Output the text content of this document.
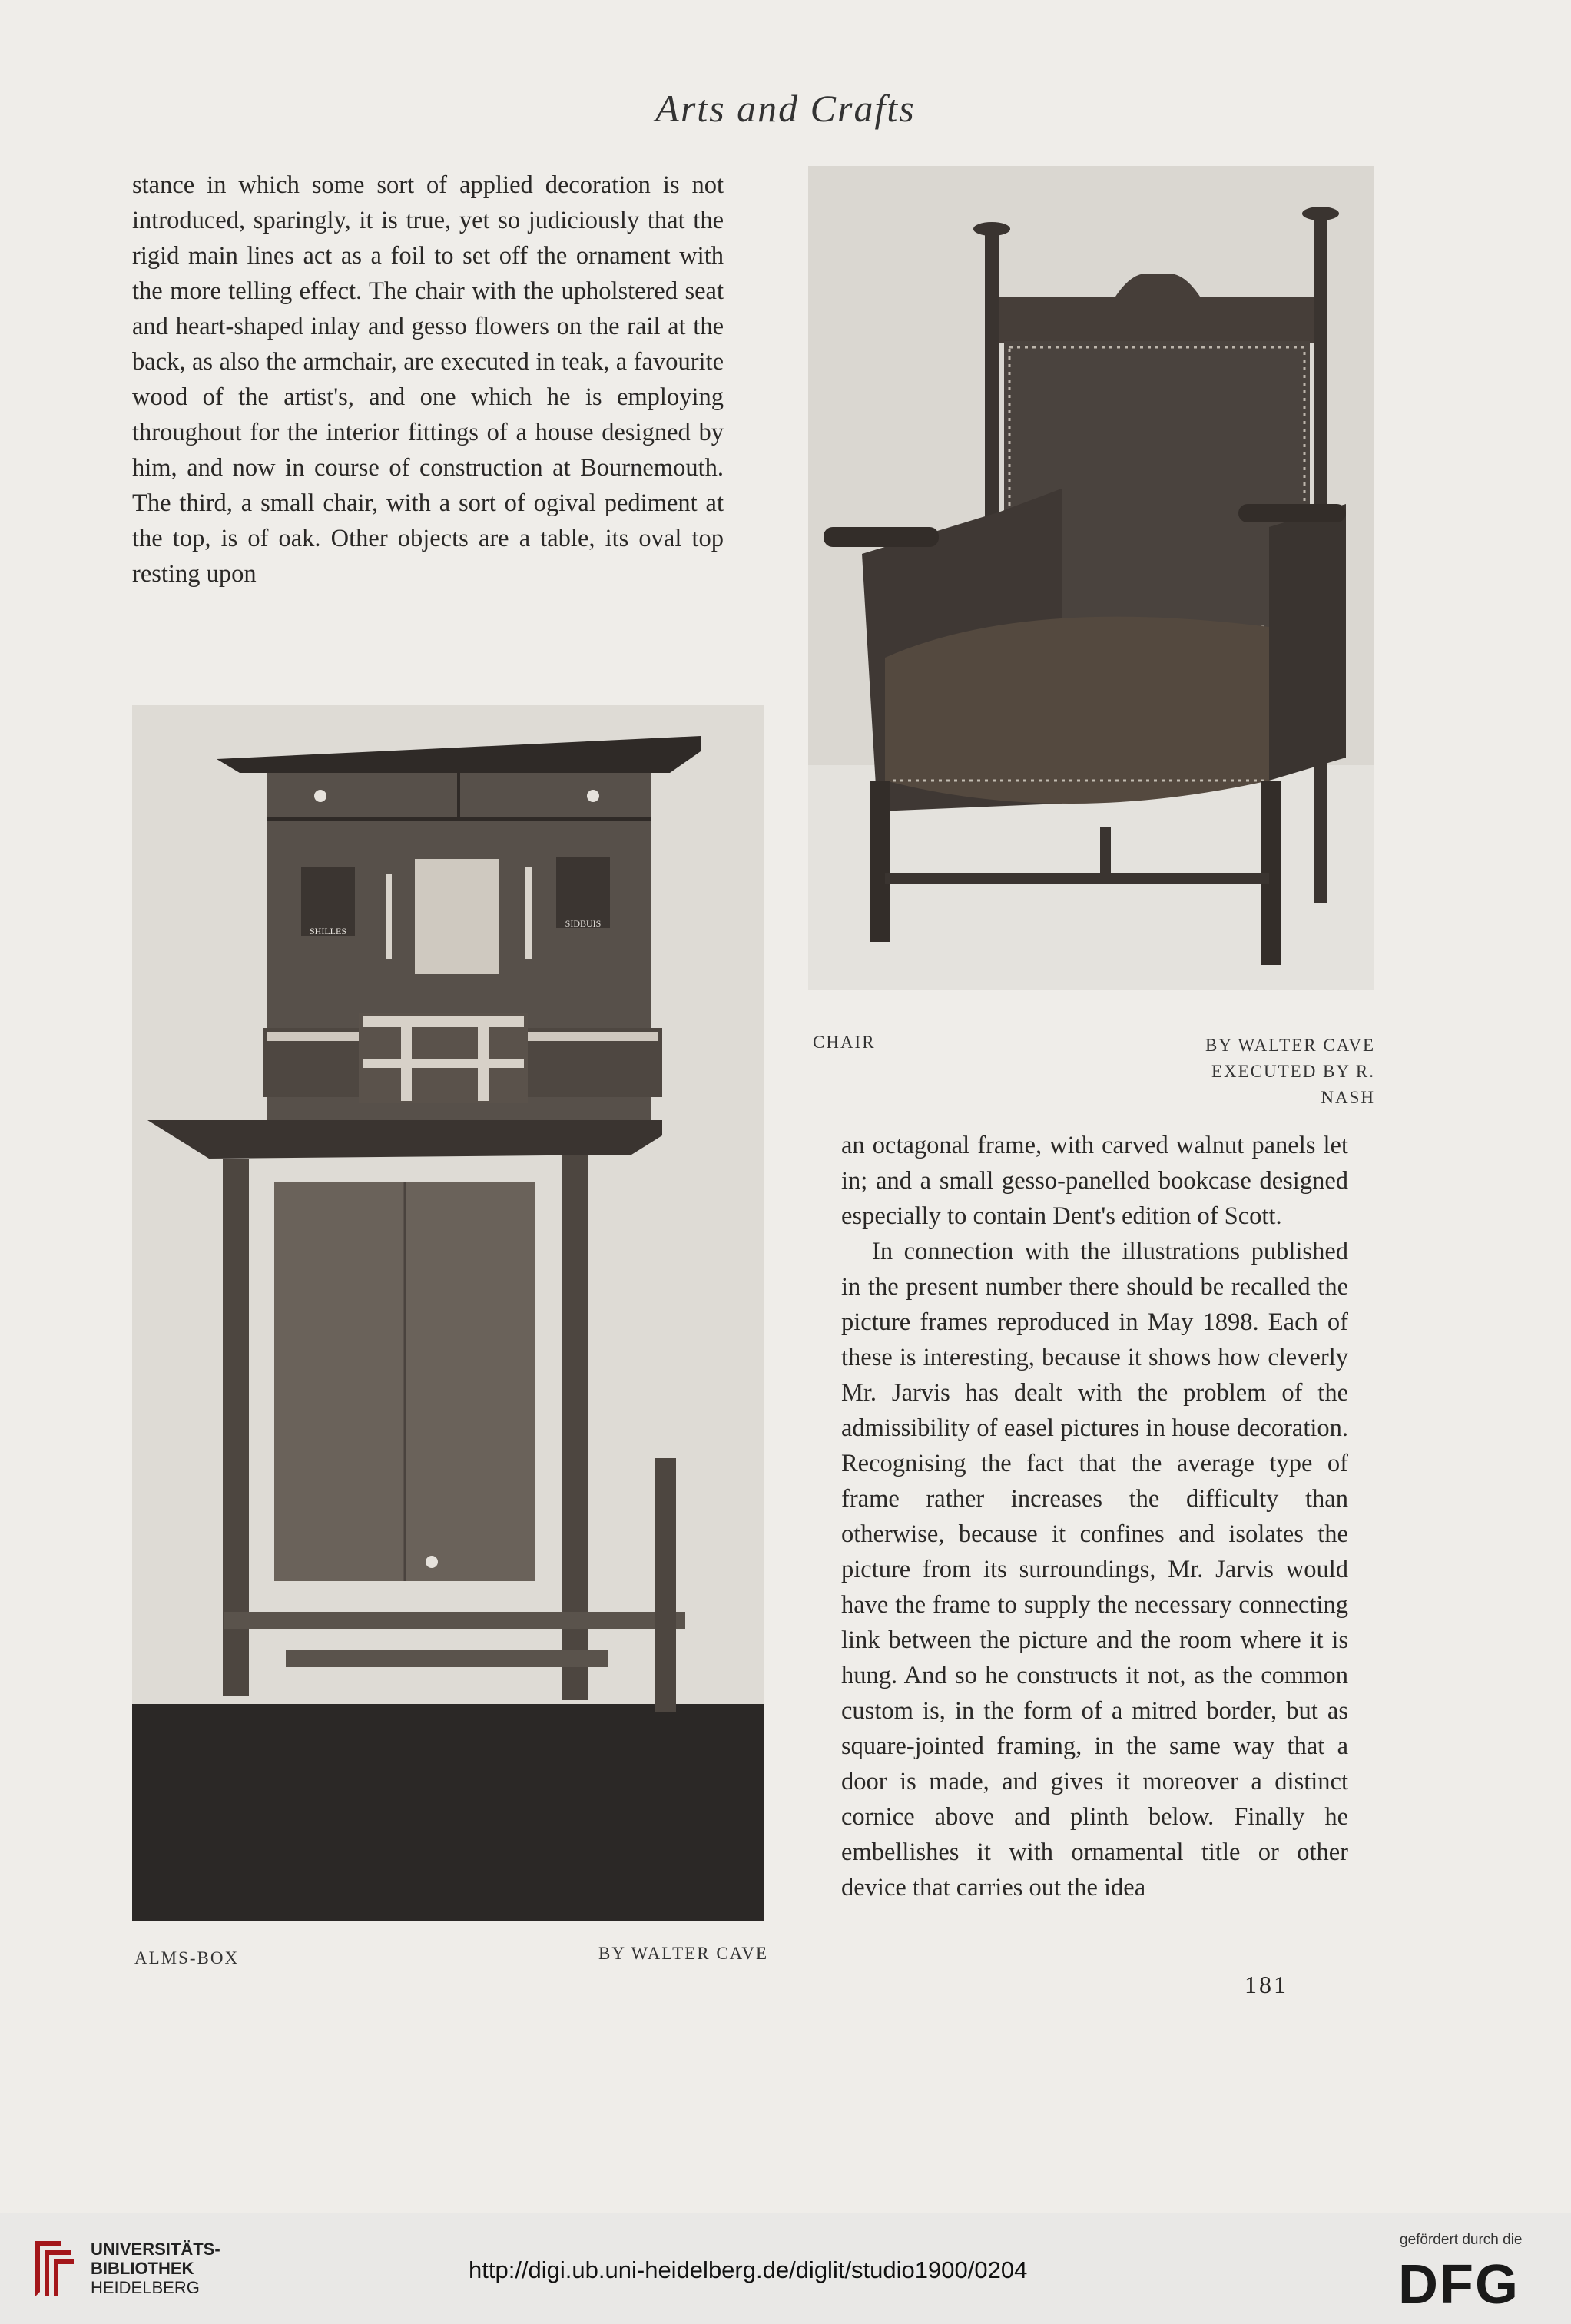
Arts and Crafts

stance in which some sort of applied decoration is not introduced, sparingly, it is true, yet so judiciously that the rigid main lines act as a foil to set off the ornament with the more telling effect. The chair with the upholstered seat and heart-shaped inlay and gesso flowers on the rail at the back, as also the armchair, are executed in teak, a favourite wood of the artist's, and one which he is employing throughout for the interior fittings of a house designed by him, and now in course of construction at Bournemouth. The third, a small chair, with a sort of ogival pediment at the top, is of oak. Other objects are a table, its oval top resting upon

CHAIR	BY WALTER CAVE
EXECUTED BY R. NASH
SHILLES
SIDBUIS
ALMS-BOX	BY WALTER CAVE

an octagonal frame, with carved walnut panels let in; and a small gesso-panelled bookcase designed especially to contain Dent's edition of Scott.

In connection with the illustrations published in the present number there should be recalled the picture frames reproduced in May 1898. Each of these is interesting, because it shows how cleverly Mr. Jarvis has dealt with the problem of the admissibility of easel pictures in house decoration. Recognising the fact that the average type of frame rather increases the difficulty than otherwise, because it confines and isolates the picture from its surroundings, Mr. Jarvis would have the frame to supply the necessary connecting link between the picture and the room where it is hung. And so he constructs it not, as the common custom is, in the form of a mitred border, but as square-jointed framing, in the same way that a door is made, and gives it moreover a distinct cornice above and plinth below. Finally he embellishes it with ornamental title or other device that carries out the idea

181
UNIVERSITÄTS-
BIBLIOTHEK
HEIDELBERG
http://digi.ub.uni-heidelberg.de/diglit/studio1900/0204
gefördert durch die
DFG
